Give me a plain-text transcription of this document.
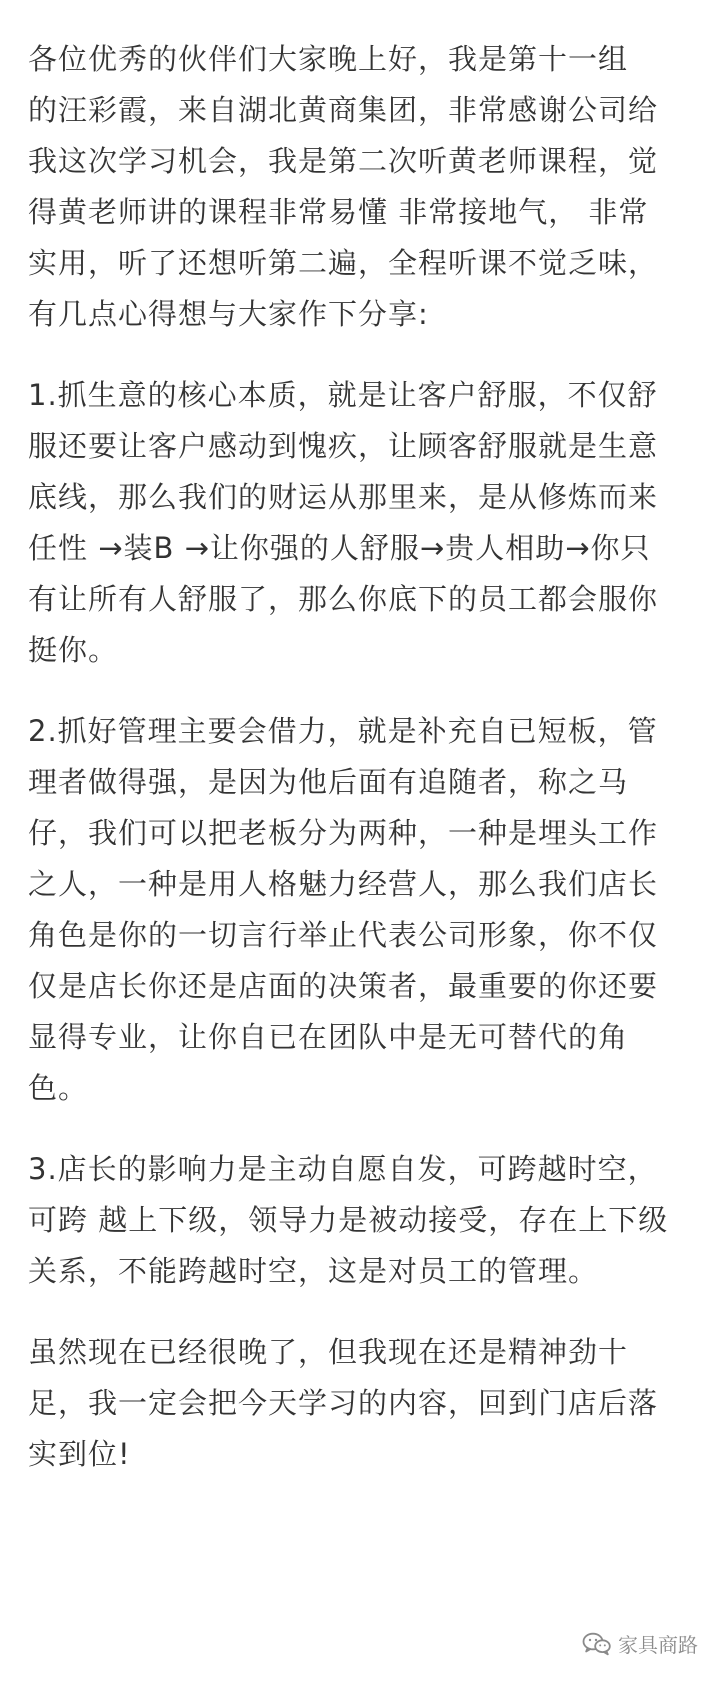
各位优秀的伙伴们大家晚上好，我是第十一组
的汪彩霞，来自湖北黄商集团，非常感谢公司给
我这次学习机会，我是第二次听黄老师课程，觉
得黄老师讲的课程非常易懂 非常接地气， 非常
实用，听了还想听第二遍，全程听课不觉乏味，
有几点心得想与大家作下分享:
1.抓生意的核心本质，就是让客户舒服，不仅舒
服还要让客户感动到愧疚，让顾客舒服就是生意
底线，那么我们的财运从那里来，是从修炼而来
任性 →装B →让你强的人舒服→贵人相助→你只
有让所有人舒服了，那么你底下的员工都会服你
挺你。
2.抓好管理主要会借力，就是补充自已短板，管
理者做得强，是因为他后面有追随者，称之马
仔，我们可以把老板分为两种，一种是埋头工作
之人，一种是用人格魅力经营人，那么我们店长
角色是你的一切言行举止代表公司形象，你不仅
仅是店长你还是店面的决策者，最重要的你还要
显得专业，让你自已在团队中是无可替代的角
色。
3.店长的影响力是主动自愿自发，可跨越时空，
可跨 越上下级，领导力是被动接受，存在上下级
关系，不能跨越时空，这是对员工的管理。
虽然现在已经很晚了，但我现在还是精神劲十
足，我一定会把今天学习的内容，回到门店后落
实到位!
家具商路
